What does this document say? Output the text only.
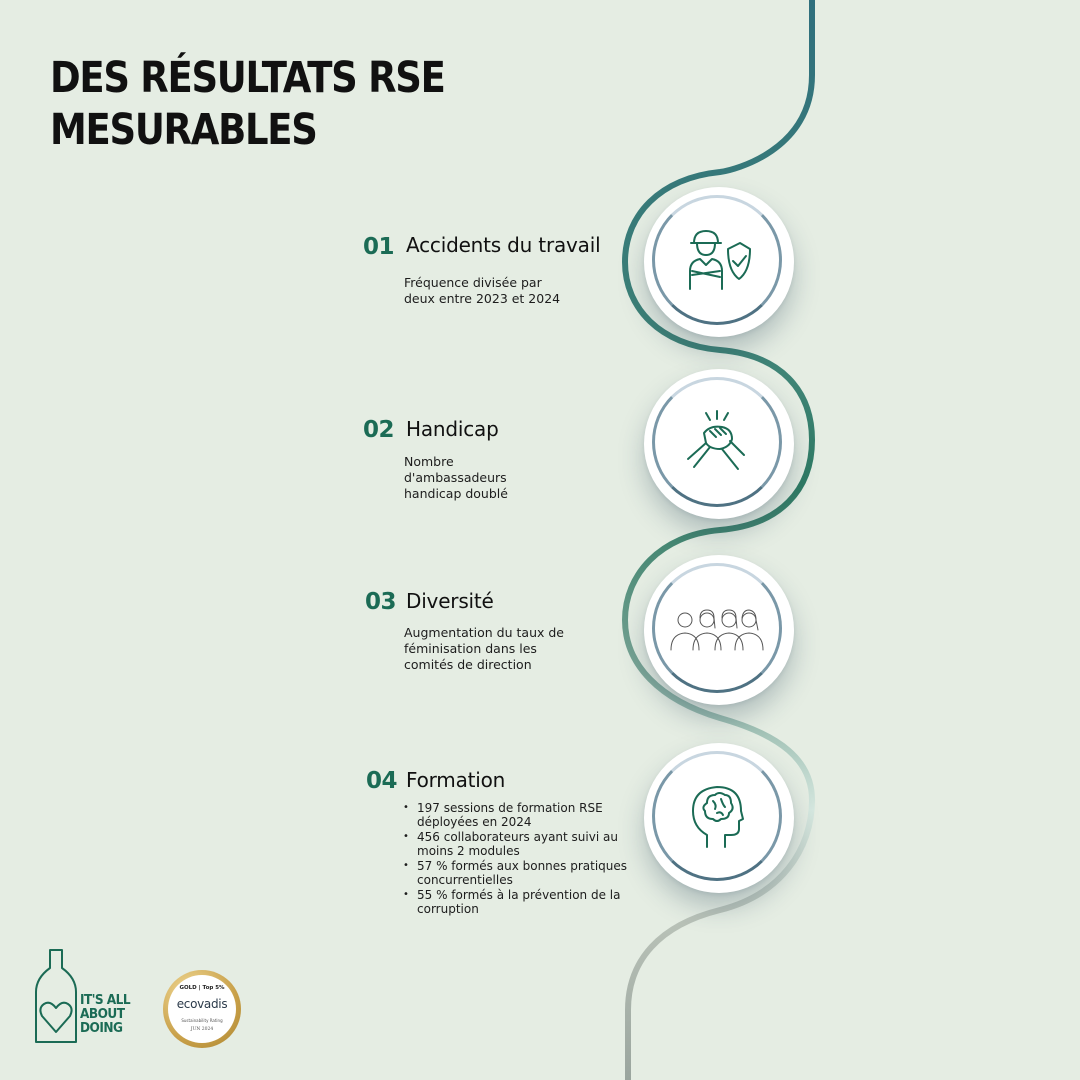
DES RÉSULTATS RSE
MESURABLES
01 Accidents du travail
Fréquence divisée par deux entre 2023 et 2024
02 Handicap
Nombre d'ambassadeurs handicap doublé
03 Diversité
Augmentation du taux de féminisation dans les comités de direction
04 Formation
• 197 sessions de formation RSE déployées en 2024
• 456 collaborateurs ayant suivi au moins 2 modules
• 57 % formés aux bonnes pratiques concurrentielles
• 55 % formés à la prévention de la corruption
IT'S ALL
ABOUT
DOING
GOLD | Top 5%
ecovadis
Sustainability Rating
JUN 2024
